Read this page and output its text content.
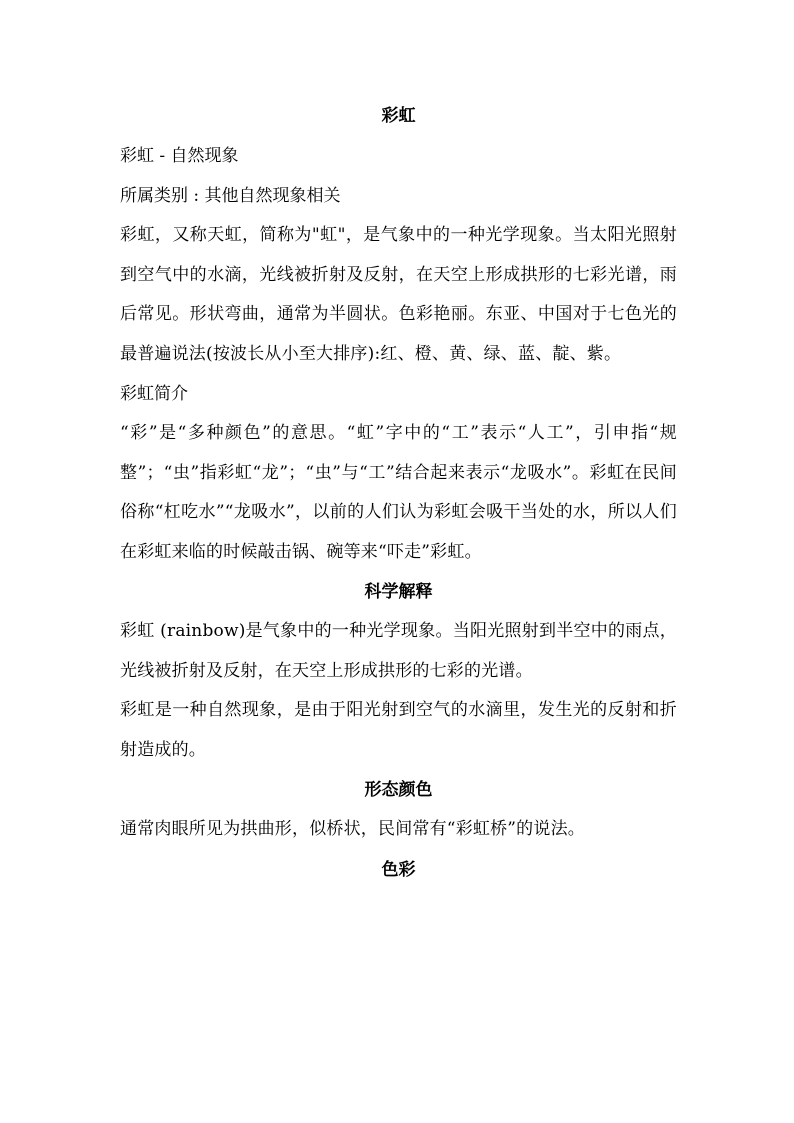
彩虹

彩虹 - 自然现象

所属类别 : 其他自然现象相关

彩虹，又称天虹，简称为"虹"，是气象中的一种光学现象。当太阳光照射到空气中的水滴，光线被折射及反射，在天空上形成拱形的七彩光谱，雨后常见。形状弯曲，通常为半圆状。色彩艳丽。东亚、中国对于七色光的最普遍说法(按波长从小至大排序):红、橙、黄、绿、蓝、靛、紫。

彩虹简介

“彩”是“多种颜色”的意思。“虹”字中的“工”表示“人工”，引申指“规整”；“虫”指彩虹“龙”；“虫”与“工”结合起来表示“龙吸水”。彩虹在民间俗称“杠吃水”“龙吸水”，以前的人们认为彩虹会吸干当处的水，所以人们在彩虹来临的时候敲击锅、碗等来“吓走”彩虹。

科学解释

彩虹 (rainbow)是气象中的一种光学现象。当阳光照射到半空中的雨点，光线被折射及反射，在天空上形成拱形的七彩的光谱。

彩虹是一种自然现象，是由于阳光射到空气的水滴里，发生光的反射和折射造成的。

形态颜色

通常肉眼所见为拱曲形，似桥状，民间常有“彩虹桥”的说法。

色彩
